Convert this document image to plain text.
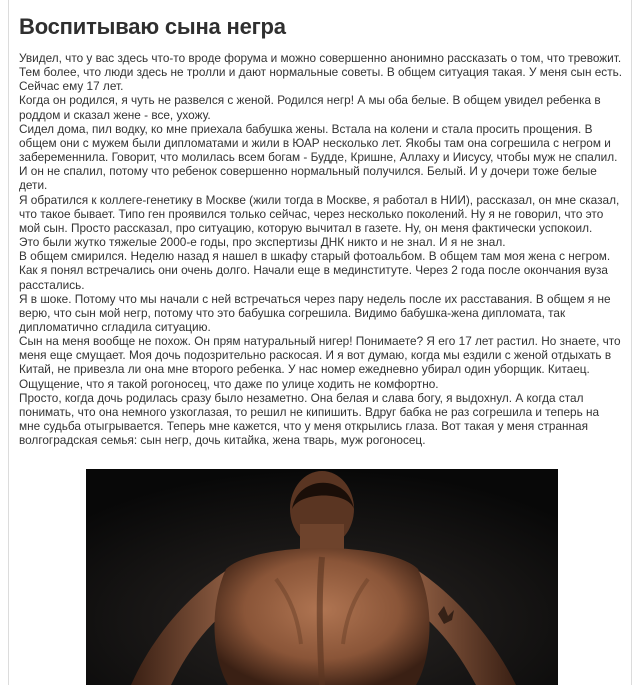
Воспитываю сына негра

Увидел, что у вас здесь что-то вроде форума и можно совершенно анонимно рассказать о том, что тревожит. Тем более, что люди здесь не тролли и дают нормальные советы. В общем ситуация такая. У меня сын есть. Сейчас ему 17 лет.

Когда он родился, я чуть не развелся с женой. Родился негр! А мы оба белые. В общем увидел ребенка в роддом и сказал жене - все, ухожу.

Сидел дома, пил водку, ко мне приехала бабушка жены. Встала на колени и стала просить прощения. В общем они с мужем были дипломатами и жили в ЮАР несколько лет. Якобы там она согрешила с негром и забеременнила. Говорит, что молилась всем богам - Будде, Кришне, Аллаху и Иисусу, чтобы муж не спалил. И он не спалил, потому что ребенок совершенно нормальный получился. Белый. И у дочери тоже белые дети.

Я обратился к коллеге-генетику в Москве (жили тогда в Москве, я работал в НИИ), рассказал, он мне сказал, что такое бывает. Типо ген проявился только сейчас, через несколько поколений. Ну я не говорил, что это мой сын. Просто рассказал, про ситуацию, которую вычитал в газете. Ну, он меня фактически успокоил.

Это были жутко тяжелые 2000-е годы, про экспертизы ДНК никто и не знал. И я не знал.

В общем смирился. Неделю назад я нашел в шкафу старый фотоальбом. В общем там моя жена с негром. Как я понял встречались они очень долго. Начали еще в мединституте. Через 2 года после окончания вуза расстались.

Я в шоке. Потому что мы начали с ней встречаться через пару недель после их расставания. В общем я не верю, что сын мой негр, потому что это бабушка согрешила. Видимо бабушка-жена дипломата, так дипломатично сгладила ситуацию.

Сын на меня вообще не похож. Он прям натуральный нигер! Понимаете? Я его 17 лет растил. Но знаете, что меня еще смущает. Моя дочь подозрительно раскосая. И я вот думаю, когда мы ездили с женой отдыхать в Китай, не привезла ли она мне второго ребенка. У нас номер ежедневно убирал один уборщик. Китаец.

Ощущение, что я такой рогоносец, что даже по улице ходить не комфортно.

Просто, когда дочь родилась сразу было незаметно. Она белая и слава богу, я выдохнул. А когда стал понимать, что она немного узкоглазая, то решил не кипишить. Вдруг бабка не раз согрешила и теперь на мне судьба отыгрывается. Теперь мне кажется, что у меня открылись глаза. Вот такая у меня странная волгоградская семья: сын негр, дочь китайка, жена тварь, муж рогоносец.
